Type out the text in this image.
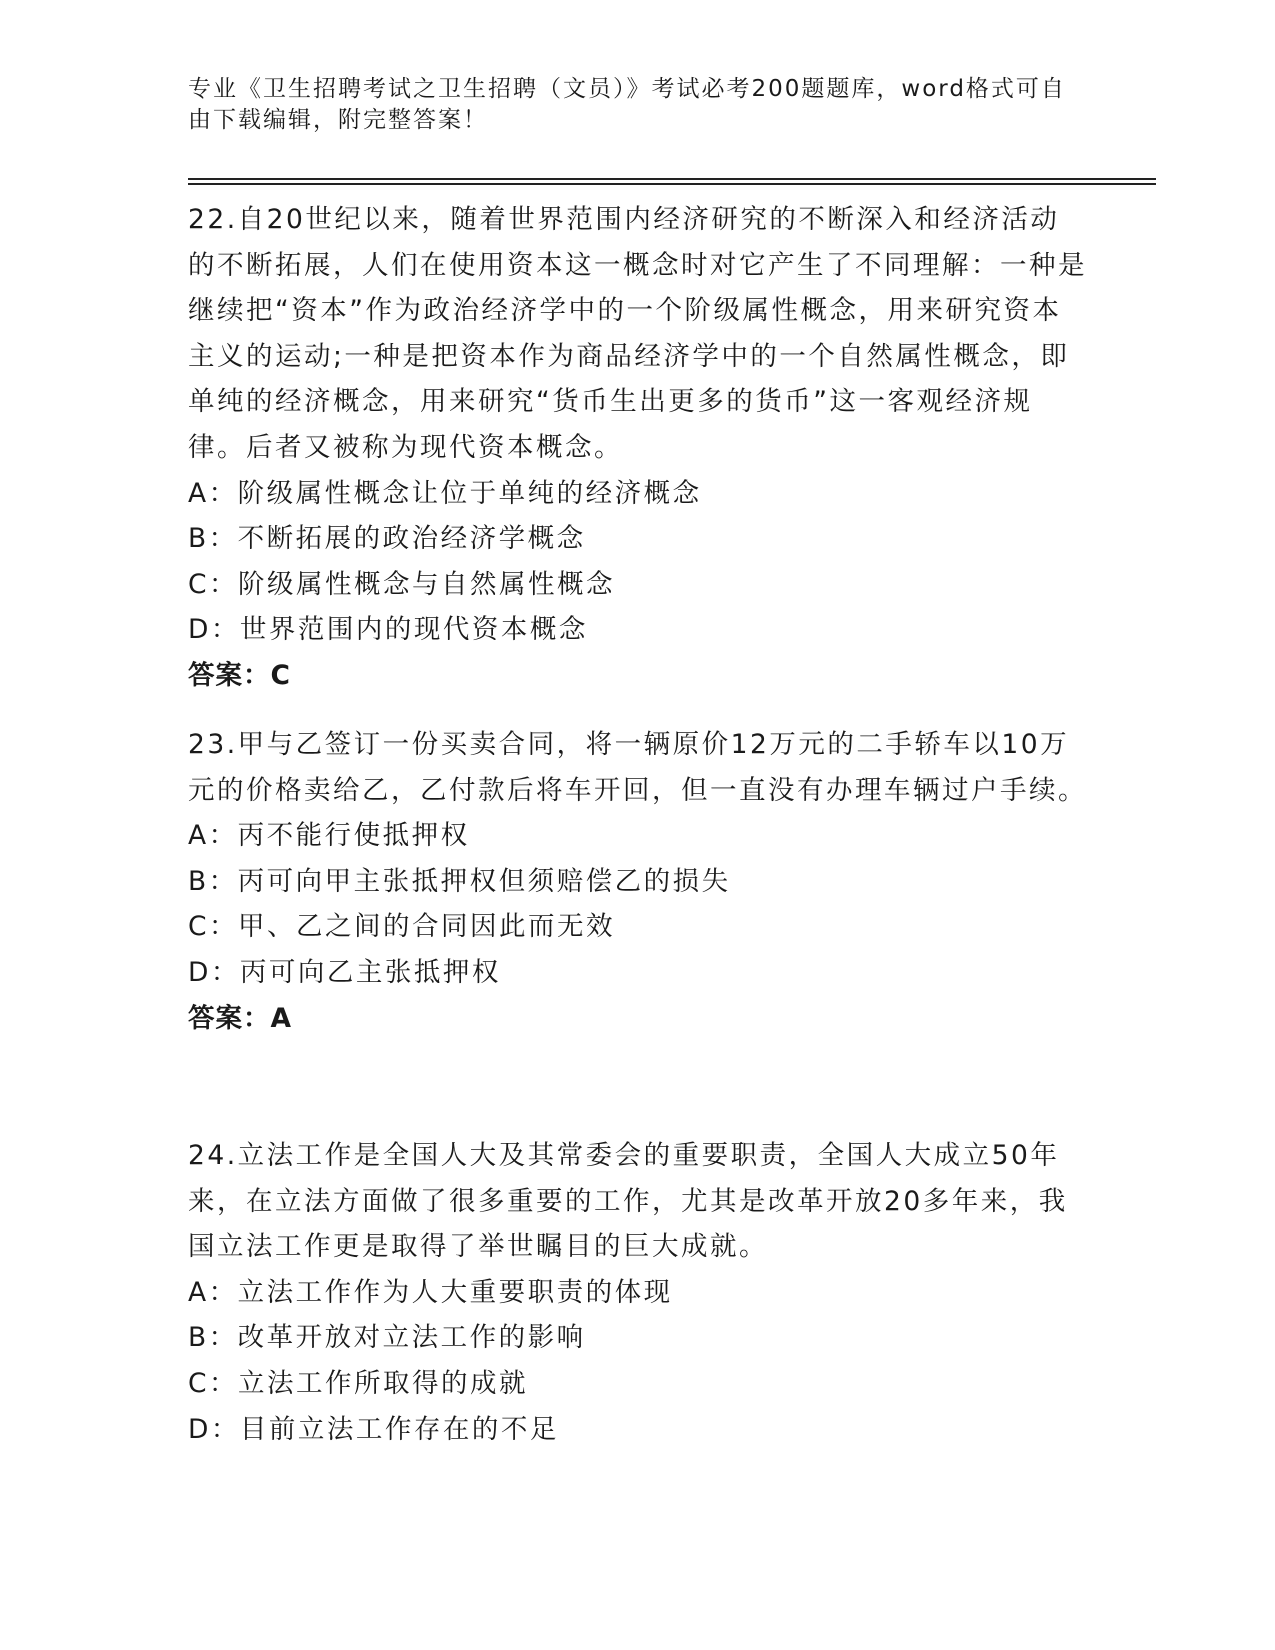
专业《卫生招聘考试之卫生招聘（文员）》考试必考200题题库，word格式可自由下载编辑，附完整答案！

22.自20世纪以来，随着世界范围内经济研究的不断深入和经济活动的不断拓展，人们在使用资本这一概念时对它产生了不同理解：一种是继续把“资本”作为政治经济学中的一个阶级属性概念，用来研究资本主义的运动;一种是把资本作为商品经济学中的一个自然属性概念，即单纯的经济概念，用来研究“货币生出更多的货币”这一客观经济规律。后者又被称为现代资本概念。

A：阶级属性概念让位于单纯的经济概念

B：不断拓展的政治经济学概念

C：阶级属性概念与自然属性概念

D：世界范围内的现代资本概念

答案：C

23.甲与乙签订一份买卖合同，将一辆原价12万元的二手轿车以10万元的价格卖给乙，乙付款后将车开回，但一直没有办理车辆过户手续。

A：丙不能行使抵押权

B：丙可向甲主张抵押权但须赔偿乙的损失

C：甲、乙之间的合同因此而无效

D：丙可向乙主张抵押权

答案：A

24.立法工作是全国人大及其常委会的重要职责，全国人大成立50年来，在立法方面做了很多重要的工作，尤其是改革开放20多年来，我国立法工作更是取得了举世瞩目的巨大成就。

A：立法工作作为人大重要职责的体现

B：改革开放对立法工作的影响

C：立法工作所取得的成就

D：目前立法工作存在的不足
